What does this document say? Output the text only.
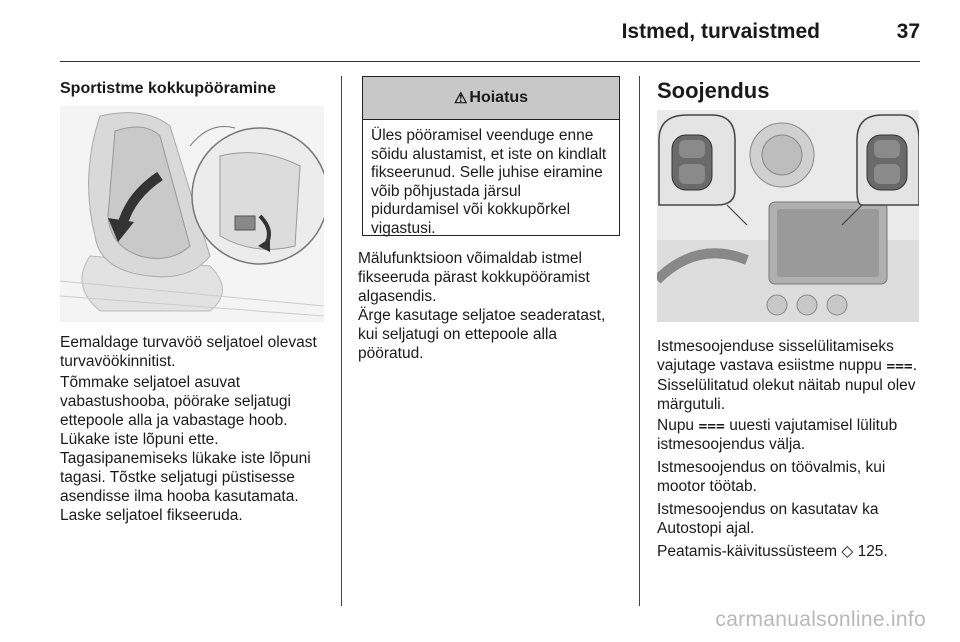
Istmed, turvaistmed	37
Sportistme kokkupööramine

Eemaldage turvavöö seljatoel olevast turvavöökinnitist.

Tõmmake seljatoel asuvat vabastushooba, pöörake seljatugi ettepoole alla ja vabastage hoob. Lükake iste lõpuni ette.

Tagasipanemiseks lükake iste lõpuni tagasi. Tõstke seljatugi püstisesse asendisse ilma hooba kasutamata. Laske seljatoel fikseeruda.

⚠ Hoiatus

Üles pööramisel veenduge enne sõidu alustamist, et iste on kindlalt fikseerunud. Selle juhise eiramine võib põhjustada järsul pidurdamisel või kokkupõrkel vigastusi.

Mälufunktsioon võimaldab istmel fikseeruda pärast kokkupööramist algasendis.

Ärge kasutage seljatoe seaderatast, kui seljatugi on ettepoole alla pööratud.

Soojendus

Istmesoojenduse sisselülitamiseks vajutage vastava esiistme nuppu ⩶.

Sisselülitatud olekut näitab nupul olev märgutuli.

Nupu ⩶ uuesti vajutamisel lülitub istmesoojendus välja.

Istmesoojendus on töövalmis, kui mootor töötab.

Istmesoojendus on kasutatav ka Autostopi ajal.

Peatamis-käivitussüsteem ◇ 125.

carmanualsonline.info
